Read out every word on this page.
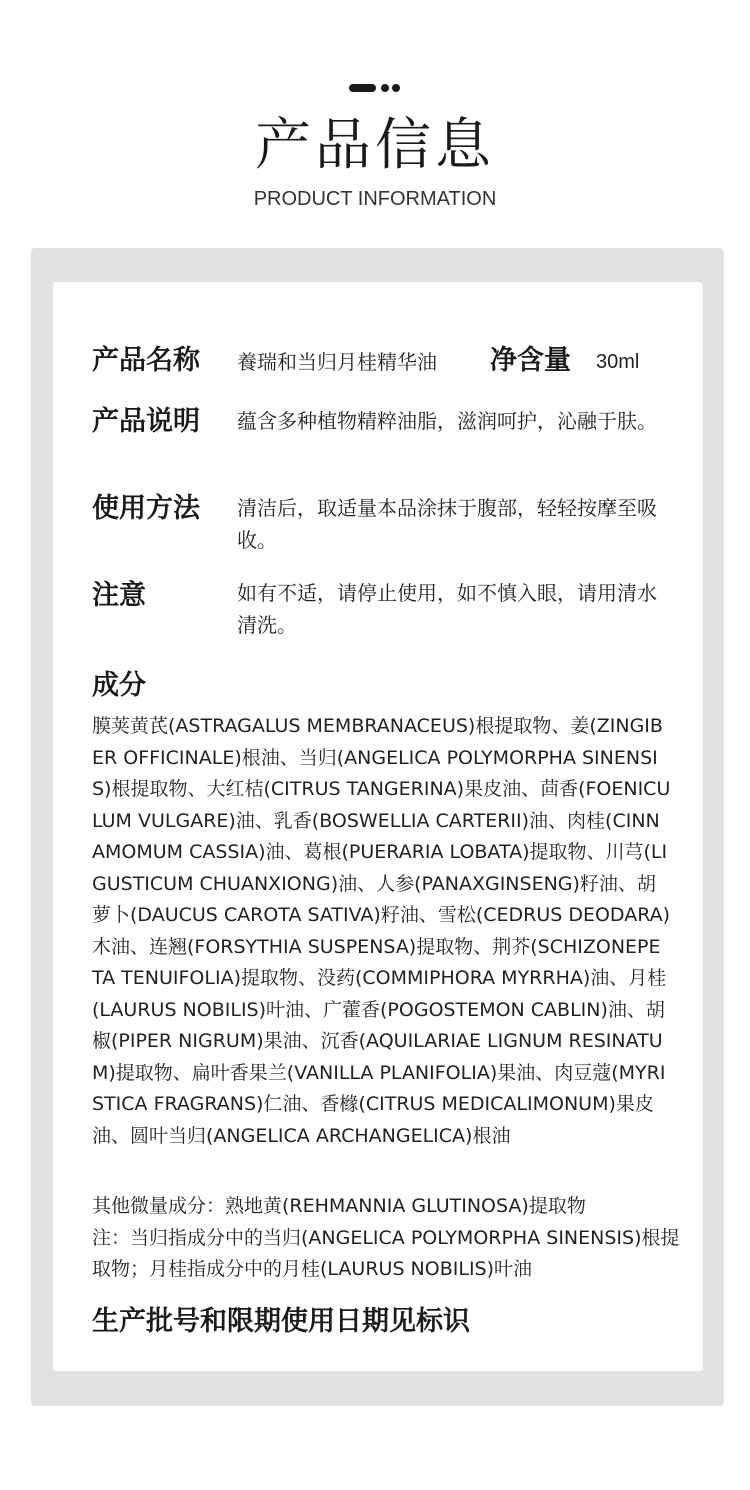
产品信息
PRODUCT INFORMATION
产品名称 養瑞和当归月桂精华油 净含量 30ml
产品说明 蕴含多种植物精粹油脂，滋润呵护，沁融于肤。
使用方法 清洁后，取适量本品涂抹于腹部，轻轻按摩至吸收。
注意	如有不适，请停止使用，如不慎入眼，请用清水清洗。
成分
膜荚黄芪(ASTRAGALUS MEMBRANACEUS)根提取物、姜(ZINGIBER OFFICINALE)根油、当归(ANGELICA POLYMORPHA SINENSIS)根提取物、大红桔(CITRUS TANGERINA)果皮油、茴香(FOENICULUM VULGARE)油、乳香(BOSWELLIA CARTERII)油、肉桂(CINNAMOMUM CASSIA)油、葛根(PUERARIA LOBATA)提取物、川芎(LIGUSTICUM CHUANXIONG)油、人参(PANAXGINSENG)籽油、胡萝卜(DAUCUS CAROTA SATIVA)籽油、雪松(CEDRUS DEODARA)木油、连翘(FORSYTHIA SUSPENSA)提取物、荆芥(SCHIZONEPETA TENUIFOLIA)提取物、没药(COMMIPHORA MYRRHA)油、月桂(LAURUS NOBILIS)叶油、广藿香(POGOSTEMON CABLIN)油、胡椒(PIPER NIGRUM)果油、沉香(AQUILARIAE LIGNUM RESINATUM)提取物、扁叶香果兰(VANILLA PLANIFOLIA)果油、肉豆蔻(MYRISTICA FRAGRANS)仁油、香橼(CITRUS MEDICALIMONUM)果皮油、圆叶当归(ANGELICA ARCHANGELICA)根油

其他微量成分：熟地黄(REHMANNIA GLUTINOSA)提取物

注：当归指成分中的当归(ANGELICA POLYMORPHA SINENSIS)根提取物；月桂指成分中的月桂(LAURUS NOBILIS)叶油

生产批号和限期使用日期见标识
